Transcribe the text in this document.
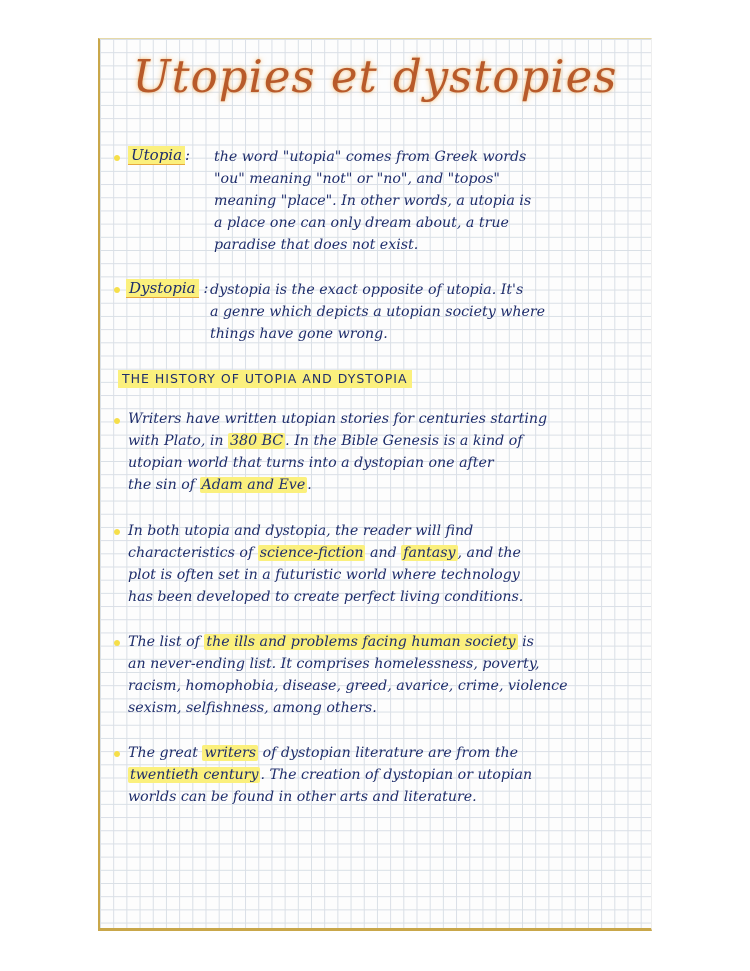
Utopies et dystopies
Utopia : the word "utopia" comes from Greek words
"ou" meaning "not" or "no", and "topos"
meaning "place". In other words, a utopia is
a place one can only dream about, a true
paradise that does not exist.
Dystopia : dystopia is the exact opposite of utopia. It's
a genre which depicts a utopian society where
things have gone wrong.
THE HISTORY OF UTOPIA AND DYSTOPIA
Writers have written utopian stories for centuries starting
with Plato, in 380 BC . In the Bible Genesis is a kind of
utopian world that turns into a dystopian one after
the sin of Adam and Eve .
In both utopia and dystopia, the reader will find
characteristics of science-fiction and fantasy , and the
plot is often set in a futuristic world where technology
has been developed to create perfect living conditions.
The list of the ills and problems facing human society is
an never-ending list. It comprises homelessness, poverty,
racism, homophobia, disease, greed, avarice, crime, violence
sexism, selfishness, among others.
The great writers of dystopian literature are from the
twentieth century . The creation of dystopian or utopian
worlds can be found in other arts and literature.
